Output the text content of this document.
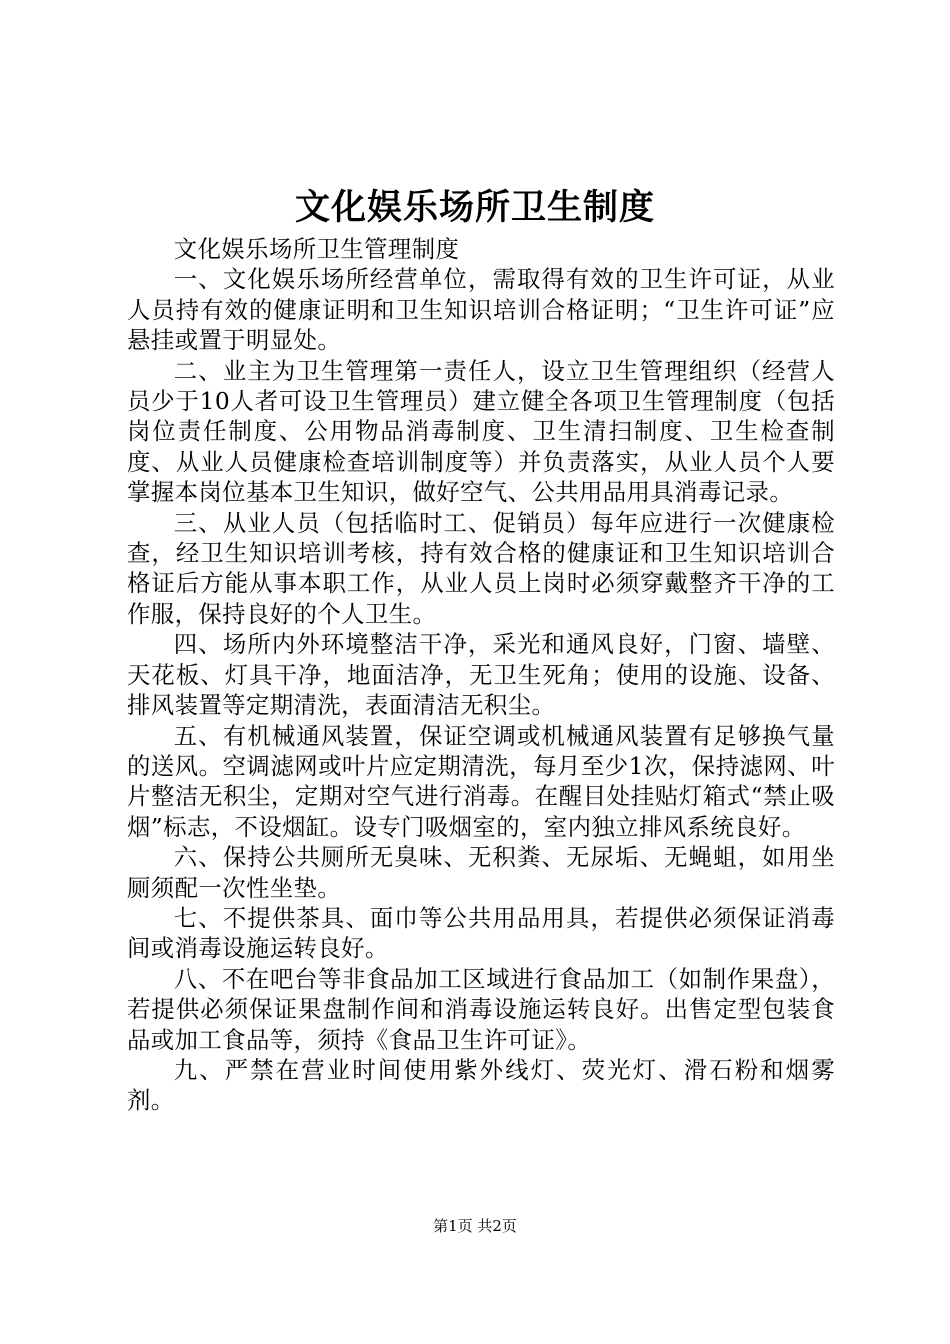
文化娱乐场所卫生制度

文化娱乐场所卫生管理制度

一、文化娱乐场所经营单位，需取得有效的卫生许可证，从业人员持有效的健康证明和卫生知识培训合格证明；“卫生许可证”应悬挂或置于明显处。

二、业主为卫生管理第一责任人，设立卫生管理组织（经营人员少于10人者可设卫生管理员）建立健全各项卫生管理制度（包括岗位责任制度、公用物品消毒制度、卫生清扫制度、卫生检查制度、从业人员健康检查培训制度等）并负责落实，从业人员个人要掌握本岗位基本卫生知识，做好空气、公共用品用具消毒记录。

三、从业人员（包括临时工、促销员）每年应进行一次健康检查，经卫生知识培训考核，持有效合格的健康证和卫生知识培训合格证后方能从事本职工作，从业人员上岗时必须穿戴整齐干净的工作服，保持良好的个人卫生。

四、场所内外环境整洁干净，采光和通风良好，门窗、墙壁、天花板、灯具干净，地面洁净，无卫生死角；使用的设施、设备、排风装置等定期清洗，表面清洁无积尘。

五、有机械通风装置，保证空调或机械通风装置有足够换气量的送风。空调滤网或叶片应定期清洗，每月至少1次，保持滤网、叶片整洁无积尘，定期对空气进行消毒。在醒目处挂贴灯箱式“禁止吸烟”标志，不设烟缸。设专门吸烟室的，室内独立排风系统良好。

六、保持公共厕所无臭味、无积粪、无尿垢、无蝇蛆，如用坐厕须配一次性坐垫。

七、不提供茶具、面巾等公共用品用具，若提供必须保证消毒间或消毒设施运转良好。

八、不在吧台等非食品加工区域进行食品加工（如制作果盘），若提供必须保证果盘制作间和消毒设施运转良好。出售定型包装食品或加工食品等，须持《食品卫生许可证》。

九、严禁在营业时间使用紫外线灯、荧光灯、滑石粉和烟雾剂。

第1页 共2页
